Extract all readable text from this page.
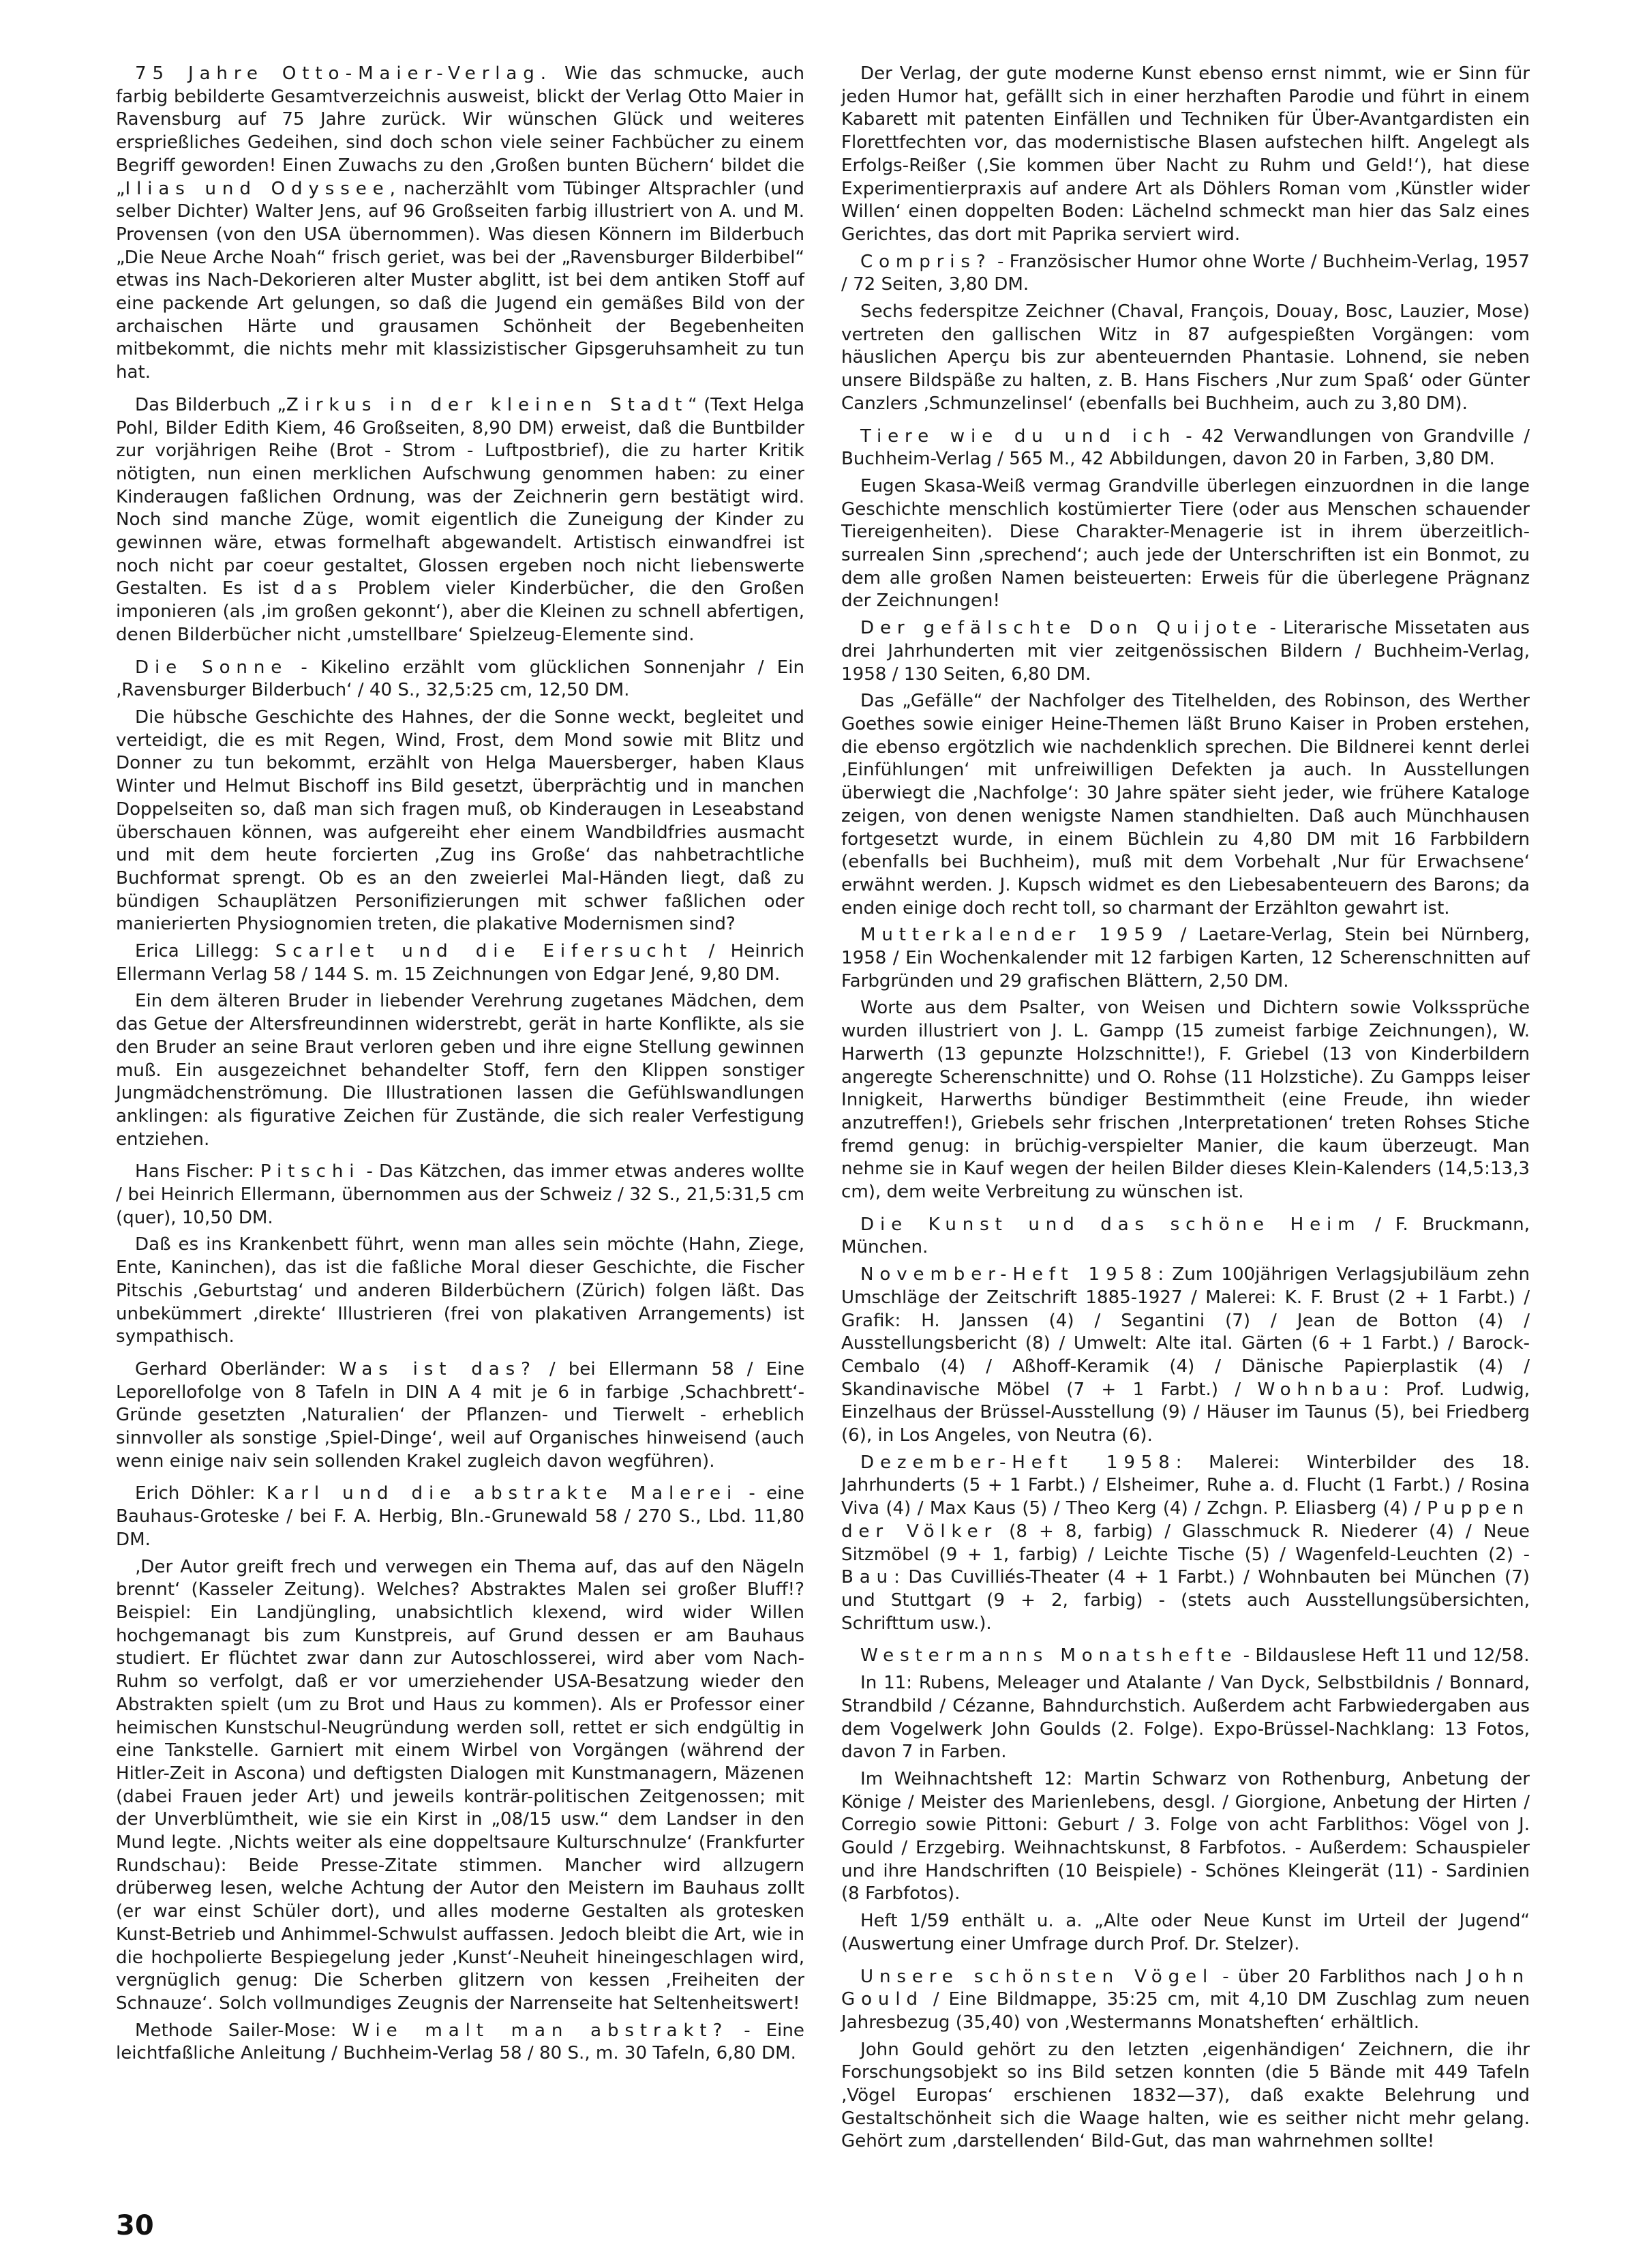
75 Jahre Otto-Maier-Verlag. Wie das schmucke, auch farbig bebilderte Gesamtverzeichnis ausweist, blickt der Verlag Otto Maier in Ravensburg auf 75 Jahre zurück. Wir wünschen Glück und weiteres ersprießliches Gedeihen, sind doch schon viele seiner Fachbücher zu einem Begriff geworden! Einen Zuwachs zu den ‚Großen bunten Büchern‘ bildet die „Ilias und Odyssee, nacherzählt vom Tübinger Altsprachler (und selber Dichter) Walter Jens, auf 96 Großseiten farbig illustriert von A. und M. Provensen (von den USA übernommen). Was diesen Könnern im Bilderbuch „Die Neue Arche Noah“ frisch geriet, was bei der „Ravensburger Bilderbibel“ etwas ins Nach-Dekorieren alter Muster abglitt, ist bei dem antiken Stoff auf eine packende Art gelungen, so daß die Jugend ein gemäßes Bild von der archaischen Härte und grausamen Schönheit der Begebenheiten mitbekommt, die nichts mehr mit klassizistischer Gipsgeruhsamheit zu tun hat.

Das Bilderbuch „Zirkus in der kleinen Stadt“ (Text Helga Pohl, Bilder Edith Kiem, 46 Großseiten, 8,90 DM) erweist, daß die Buntbilder zur vorjährigen Reihe (Brot - Strom - Luftpostbrief), die zu harter Kritik nötigten, nun einen merklichen Aufschwung genommen haben: zu einer Kinderaugen faßlichen Ordnung, was der Zeichnerin gern bestätigt wird. Noch sind manche Züge, womit eigentlich die Zuneigung der Kinder zu gewinnen wäre, etwas formelhaft abgewandelt. Artistisch einwandfrei ist noch nicht par coeur gestaltet, Glossen ergeben noch nicht liebenswerte Gestalten. Es ist das Problem vieler Kinderbücher, die den Großen imponieren (als ‚im großen gekonnt‘), aber die Kleinen zu schnell abfertigen, denen Bilderbücher nicht ‚umstellbare‘ Spielzeug-Elemente sind.

Die Sonne - Kikelino erzählt vom glücklichen Sonnenjahr / Ein ‚Ravensburger Bilderbuch‘ / 40 S., 32,5:25 cm, 12,50 DM.

Die hübsche Geschichte des Hahnes, der die Sonne weckt, begleitet und verteidigt, die es mit Regen, Wind, Frost, dem Mond sowie mit Blitz und Donner zu tun bekommt, erzählt von Helga Mauersberger, haben Klaus Winter und Helmut Bischoff ins Bild gesetzt, überprächtig und in manchen Doppelseiten so, daß man sich fragen muß, ob Kinderaugen in Leseabstand überschauen können, was aufgereiht eher einem Wandbildfries ausmacht und mit dem heute forcierten ‚Zug ins Große‘ das nahbetrachtliche Buchformat sprengt. Ob es an den zweierlei Mal-Händen liegt, daß zu bündigen Schauplätzen Personifizierungen mit schwer faßlichen oder manierierten Physiognomien treten, die plakative Modernismen sind?

Erica Lillegg: Scarlet und die Eifersucht / Heinrich Ellermann Verlag 58 / 144 S. m. 15 Zeichnungen von Edgar Jené, 9,80 DM.

Ein dem älteren Bruder in liebender Verehrung zugetanes Mädchen, dem das Getue der Altersfreundinnen widerstrebt, gerät in harte Konflikte, als sie den Bruder an seine Braut verloren geben und ihre eigne Stellung gewinnen muß. Ein ausgezeichnet behandelter Stoff, fern den Klippen sonstiger Jungmädchenströmung. Die Illustrationen lassen die Gefühlswandlungen anklingen: als figurative Zeichen für Zustände, die sich realer Verfestigung entziehen.

Hans Fischer: Pitschi - Das Kätzchen, das immer etwas anderes wollte / bei Heinrich Ellermann, übernommen aus der Schweiz / 32 S., 21,5:31,5 cm (quer), 10,50 DM.

Daß es ins Krankenbett führt, wenn man alles sein möchte (Hahn, Ziege, Ente, Kaninchen), das ist die faßliche Moral dieser Geschichte, die Fischer Pitschis ‚Geburtstag‘ und anderen Bilderbüchern (Zürich) folgen läßt. Das unbekümmert ‚direkte‘ Illustrieren (frei von plakativen Arrangements) ist sympathisch.

Gerhard Oberländer: Was ist das? / bei Ellermann 58 / Eine Leporellofolge von 8 Tafeln in DIN A 4 mit je 6 in farbige ‚Schachbrett‘-Gründe gesetzten ‚Naturalien‘ der Pflanzen- und Tierwelt - erheblich sinnvoller als sonstige ‚Spiel-Dinge‘, weil auf Organisches hinweisend (auch wenn einige naiv sein sollenden Krakel zugleich davon wegführen).

Erich Döhler: Karl und die abstrakte Malerei - eine Bauhaus-Groteske / bei F. A. Herbig, Bln.-Grunewald 58 / 270 S., Lbd. 11,80 DM.

‚Der Autor greift frech und verwegen ein Thema auf, das auf den Nägeln brennt‘ (Kasseler Zeitung). Welches? Abstraktes Malen sei großer Bluff!? Beispiel: Ein Landjüngling, unabsichtlich klexend, wird wider Willen hochgemanagt bis zum Kunstpreis, auf Grund dessen er am Bauhaus studiert. Er flüchtet zwar dann zur Autoschlosserei, wird aber vom Nach-Ruhm so verfolgt, daß er vor umerziehender USA-Besatzung wieder den Abstrakten spielt (um zu Brot und Haus zu kommen). Als er Professor einer heimischen Kunstschul-Neugründung werden soll, rettet er sich endgültig in eine Tankstelle. Garniert mit einem Wirbel von Vorgängen (während der Hitler-Zeit in Ascona) und deftigsten Dialogen mit Kunstmanagern, Mäzenen (dabei Frauen jeder Art) und jeweils konträr-politischen Zeitgenossen; mit der Unverblümtheit, wie sie ein Kirst in „08/15 usw.“ dem Landser in den Mund legte. ‚Nichts weiter als eine doppeltsaure Kulturschnulze‘ (Frankfurter Rundschau): Beide Presse-Zitate stimmen. Mancher wird allzugern drüberweg lesen, welche Achtung der Autor den Meistern im Bauhaus zollt (er war einst Schüler dort), und alles moderne Gestalten als grotesken Kunst-Betrieb und Anhimmel-Schwulst auffassen. Jedoch bleibt die Art, wie in die hochpolierte Bespiegelung jeder ‚Kunst‘-Neuheit hineingeschlagen wird, vergnüglich genug: Die Scherben glitzern von kessen ‚Freiheiten der Schnauze‘. Solch vollmundiges Zeugnis der Narrenseite hat Seltenheitswert!

Methode Sailer-Mose: Wie malt man abstrakt? - Eine leichtfaßliche Anleitung / Buchheim-Verlag 58 / 80 S., m. 30 Tafeln, 6,80 DM.

Der Verlag, der gute moderne Kunst ebenso ernst nimmt, wie er Sinn für jeden Humor hat, gefällt sich in einer herzhaften Parodie und führt in einem Kabarett mit patenten Einfällen und Techniken für Über-Avantgardisten ein Florettfechten vor, das modernistische Blasen aufstechen hilft. Angelegt als Erfolgs-Reißer (‚Sie kommen über Nacht zu Ruhm und Geld!‘), hat diese Experimentierpraxis auf andere Art als Döhlers Roman vom ‚Künstler wider Willen‘ einen doppelten Boden: Lächelnd schmeckt man hier das Salz eines Gerichtes, das dort mit Paprika serviert wird.

Compris? - Französischer Humor ohne Worte / Buchheim-Verlag, 1957 / 72 Seiten, 3,80 DM.

Sechs federspitze Zeichner (Chaval, François, Douay, Bosc, Lauzier, Mose) vertreten den gallischen Witz in 87 aufgespießten Vorgängen: vom häuslichen Aperçu bis zur abenteuernden Phantasie. Lohnend, sie neben unsere Bildspäße zu halten, z. B. Hans Fischers ‚Nur zum Spaß‘ oder Günter Canzlers ‚Schmunzelinsel‘ (ebenfalls bei Buchheim, auch zu 3,80 DM).

Tiere wie du und ich - 42 Verwandlungen von Grandville / Buchheim-Verlag / 565 M., 42 Abbildungen, davon 20 in Farben, 3,80 DM.

Eugen Skasa-Weiß vermag Grandville überlegen einzuordnen in die lange Geschichte menschlich kostümierter Tiere (oder aus Menschen schauender Tiereigenheiten). Diese Charakter-Menagerie ist in ihrem überzeitlich-surrealen Sinn ‚sprechend‘; auch jede der Unterschriften ist ein Bonmot, zu dem alle großen Namen beisteuerten: Erweis für die überlegene Prägnanz der Zeichnungen!

Der gefälschte Don Quijote - Literarische Missetaten aus drei Jahrhunderten mit vier zeitgenössischen Bildern / Buchheim-Verlag, 1958 / 130 Seiten, 6,80 DM.

Das „Gefälle“ der Nachfolger des Titelhelden, des Robinson, des Werther Goethes sowie einiger Heine-Themen läßt Bruno Kaiser in Proben erstehen, die ebenso ergötzlich wie nachdenklich sprechen. Die Bildnerei kennt derlei ‚Einfühlungen‘ mit unfreiwilligen Defekten ja auch. In Ausstellungen überwiegt die ‚Nachfolge‘: 30 Jahre später sieht jeder, wie frühere Kataloge zeigen, von denen wenigste Namen standhielten. Daß auch Münchhausen fortgesetzt wurde, in einem Büchlein zu 4,80 DM mit 16 Farbbildern (ebenfalls bei Buchheim), muß mit dem Vorbehalt ‚Nur für Erwachsene‘ erwähnt werden. J. Kupsch widmet es den Liebesabenteuern des Barons; da enden einige doch recht toll, so charmant der Erzählton gewahrt ist.

Mutterkalender 1959 / Laetare-Verlag, Stein bei Nürnberg, 1958 / Ein Wochenkalender mit 12 farbigen Karten, 12 Scherenschnitten auf Farbgründen und 29 grafischen Blättern, 2,50 DM.

Worte aus dem Psalter, von Weisen und Dichtern sowie Volkssprüche wurden illustriert von J. L. Gampp (15 zumeist farbige Zeichnungen), W. Harwerth (13 gepunzte Holzschnitte!), F. Griebel (13 von Kinderbildern angeregte Scherenschnitte) und O. Rohse (11 Holzstiche). Zu Gampps leiser Innigkeit, Harwerths bündiger Bestimmtheit (eine Freude, ihn wieder anzutreffen!), Griebels sehr frischen ‚Interpretationen‘ treten Rohses Stiche fremd genug: in brüchig-verspielter Manier, die kaum überzeugt. Man nehme sie in Kauf wegen der heilen Bilder dieses Klein-Kalenders (14,5:13,3 cm), dem weite Verbreitung zu wünschen ist.

Die Kunst und das schöne Heim / F. Bruckmann, München.

November-Heft 1958: Zum 100jährigen Verlagsjubiläum zehn Umschläge der Zeitschrift 1885-1927 / Malerei: K. F. Brust (2 + 1 Farbt.) / Grafik: H. Janssen (4) / Segantini (7) / Jean de Botton (4) / Ausstellungsbericht (8) / Umwelt: Alte ital. Gärten (6 + 1 Farbt.) / Barock-Cembalo (4) / Aßhoff-Keramik (4) / Dänische Papierplastik (4) / Skandinavische Möbel (7 + 1 Farbt.) / Wohnbau: Prof. Ludwig, Einzelhaus der Brüssel-Ausstellung (9) / Häuser im Taunus (5), bei Friedberg (6), in Los Angeles, von Neutra (6).

Dezember-Heft 1958: Malerei: Winterbilder des 18. Jahrhunderts (5 + 1 Farbt.) / Elsheimer, Ruhe a. d. Flucht (1 Farbt.) / Rosina Viva (4) / Max Kaus (5) / Theo Kerg (4) / Zchgn. P. Eliasberg (4) / Puppen der Völker (8 + 8, farbig) / Glasschmuck R. Niederer (4) / Neue Sitzmöbel (9 + 1, farbig) / Leichte Tische (5) / Wagenfeld-Leuchten (2) - Bau: Das Cuvilliés-Theater (4 + 1 Farbt.) / Wohnbauten bei München (7) und Stuttgart (9 + 2, farbig) - (stets auch Ausstellungsübersichten, Schrifttum usw.).

Westermanns Monatshefte - Bildauslese Heft 11 und 12/58.

In 11: Rubens, Meleager und Atalante / Van Dyck, Selbstbildnis / Bonnard, Strandbild / Cézanne, Bahndurchstich. Außerdem acht Farbwiedergaben aus dem Vogelwerk John Goulds (2. Folge). Expo-Brüssel-Nachklang: 13 Fotos, davon 7 in Farben.

Im Weihnachtsheft 12: Martin Schwarz von Rothenburg, Anbetung der Könige / Meister des Marienlebens, desgl. / Giorgione, Anbetung der Hirten / Corregio sowie Pittoni: Geburt / 3. Folge von acht Farblithos: Vögel von J. Gould / Erzgebirg. Weihnachtskunst, 8 Farbfotos. - Außerdem: Schauspieler und ihre Handschriften (10 Beispiele) - Schönes Kleingerät (11) - Sardinien (8 Farbfotos).

Heft 1/59 enthält u. a. „Alte oder Neue Kunst im Urteil der Jugend“ (Auswertung einer Umfrage durch Prof. Dr. Stelzer).

Unsere schönsten Vögel - über 20 Farblithos nach John Gould / Eine Bildmappe, 35:25 cm, mit 4,10 DM Zuschlag zum neuen Jahresbezug (35,40) von ‚Westermanns Monatsheften‘ erhältlich.

John Gould gehört zu den letzten ‚eigenhändigen‘ Zeichnern, die ihr Forschungsobjekt so ins Bild setzen konnten (die 5 Bände mit 449 Tafeln ‚Vögel Europas‘ erschienen 1832—37), daß exakte Belehrung und Gestaltschönheit sich die Waage halten, wie es seither nicht mehr gelang. Gehört zum ‚darstellenden‘ Bild-Gut, das man wahrnehmen sollte!

30
